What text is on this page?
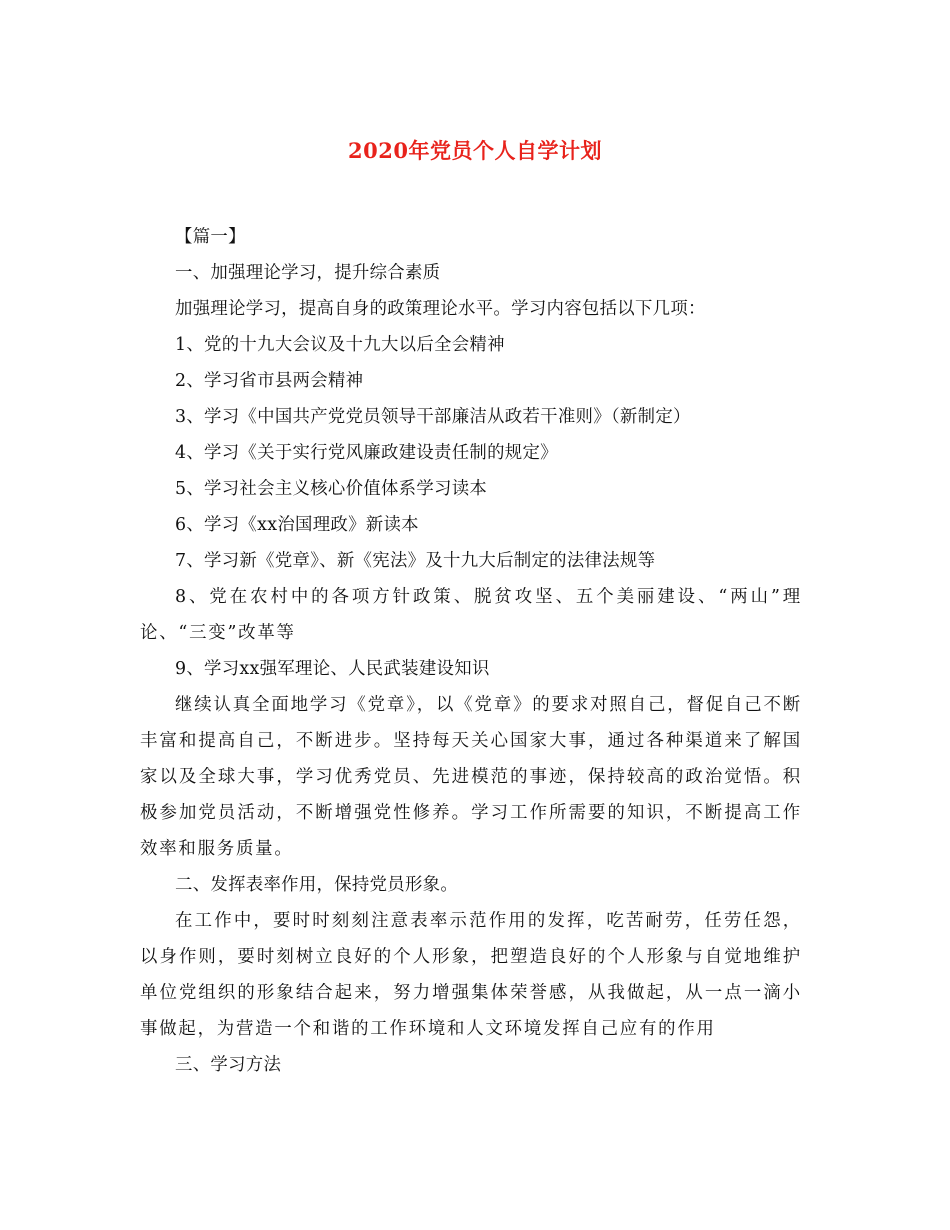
2020年党员个人自学计划

【篇一】

一、加强理论学习，提升综合素质

加强理论学习，提高自身的政策理论水平。学习内容包括以下几项：

1、党的十九大会议及十九大以后全会精神

2、学习省市县两会精神

3、学习《中国共产党党员领导干部廉洁从政若干准则》（新制定）

4、学习《关于实行党风廉政建设责任制的规定》

5、学习社会主义核心价值体系学习读本

6、学习《xx治国理政》新读本

7、学习新《党章》、新《宪法》及十九大后制定的法律法规等

8、党在农村中的各项方针政策、脱贫攻坚、五个美丽建设、“两山”理论、“三变”改革等

9、学习xx强军理论、人民武装建设知识

继续认真全面地学习《党章》，以《党章》的要求对照自己，督促自己不断丰富和提高自己，不断进步。坚持每天关心国家大事，通过各种渠道来了解国家以及全球大事，学习优秀党员、先进模范的事迹，保持较高的政治觉悟。积极参加党员活动，不断增强党性修养。学习工作所需要的知识，不断提高工作效率和服务质量。

二、发挥表率作用，保持党员形象。

在工作中，要时时刻刻注意表率示范作用的发挥，吃苦耐劳，任劳任怨，以身作则，要时刻树立良好的个人形象，把塑造良好的个人形象与自觉地维护单位党组织的形象结合起来，努力增强集体荣誉感，从我做起，从一点一滴小事做起，为营造一个和谐的工作环境和人文环境发挥自己应有的作用

三、学习方法
